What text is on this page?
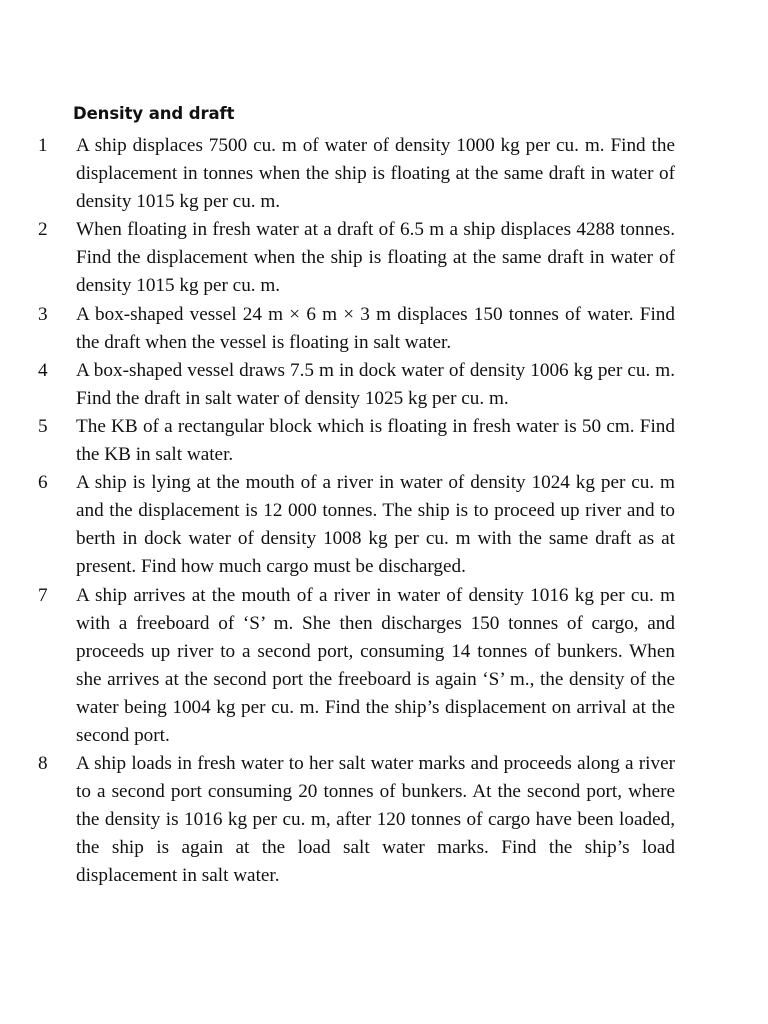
Density and draft
1	A ship displaces 7500 cu. m of water of density 1000 kg per cu. m. Find the displacement in tonnes when the ship is floating at the same draft in water of density 1015 kg per cu. m.
2	When floating in fresh water at a draft of 6.5 m a ship displaces 4288 tonnes. Find the displacement when the ship is floating at the same draft in water of density 1015 kg per cu. m.
3	A box-shaped vessel 24 m × 6 m × 3 m displaces 150 tonnes of water. Find the draft when the vessel is floating in salt water.
4	A box-shaped vessel draws 7.5 m in dock water of density 1006 kg per cu. m. Find the draft in salt water of density 1025 kg per cu. m.
5	The KB of a rectangular block which is floating in fresh water is 50 cm. Find the KB in salt water.
6	A ship is lying at the mouth of a river in water of density 1024 kg per cu. m and the displacement is 12 000 tonnes. The ship is to proceed up river and to berth in dock water of density 1008 kg per cu. m with the same draft as at present. Find how much cargo must be discharged.
7	A ship arrives at the mouth of a river in water of density 1016 kg per cu. m with a freeboard of ‘S’ m. She then discharges 150 tonnes of cargo, and proceeds up river to a second port, consuming 14 tonnes of bunkers. When she arrives at the second port the freeboard is again ‘S’ m., the density of the water being 1004 kg per cu. m. Find the ship’s displacement on arrival at the second port.
8	A ship loads in fresh water to her salt water marks and proceeds along a river to a second port consuming 20 tonnes of bunkers. At the second port, where the density is 1016 kg per cu. m, after 120 tonnes of cargo have been loaded, the ship is again at the load salt water marks. Find the ship’s load displacement in salt water.
